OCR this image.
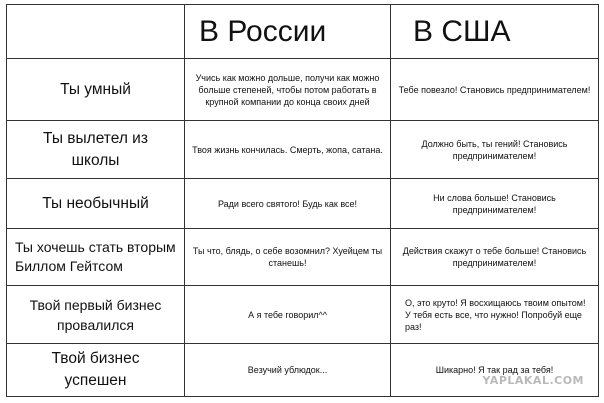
	В России	В США
Ты умный	Учись как можно дольше, получи как можно больше степеней, чтобы потом работать в крупной компании до конца своих дней	Тебе повезло! Становись предпринимателем!
Ты вылетел из школы	Твоя жизнь кончилась. Смерть, жопа, сатана.	Должно быть, ты гений! Становись предпринимателем!
Ты необычный	Ради всего святого! Будь как все!	Ни слова больше! Становись предпринимателем!
Ты хочешь стать вторым Биллом Гейтсом	Ты что, блядь, о себе возомнил? Хуейцем ты станешь!	Действия скажут о тебе больше! Становись предпринимателем!
Твой первый бизнес провалился	А я тебе говорил^^	О, это круто! Я восхищаюсь твоим опытом! У тебя есть все, что нужно! Попробуй еще раз!
Твой бизнес успешен	Везучий ублюдок...	Шикарно! Я так рад за тебя!
YAPLAKAL.COM
